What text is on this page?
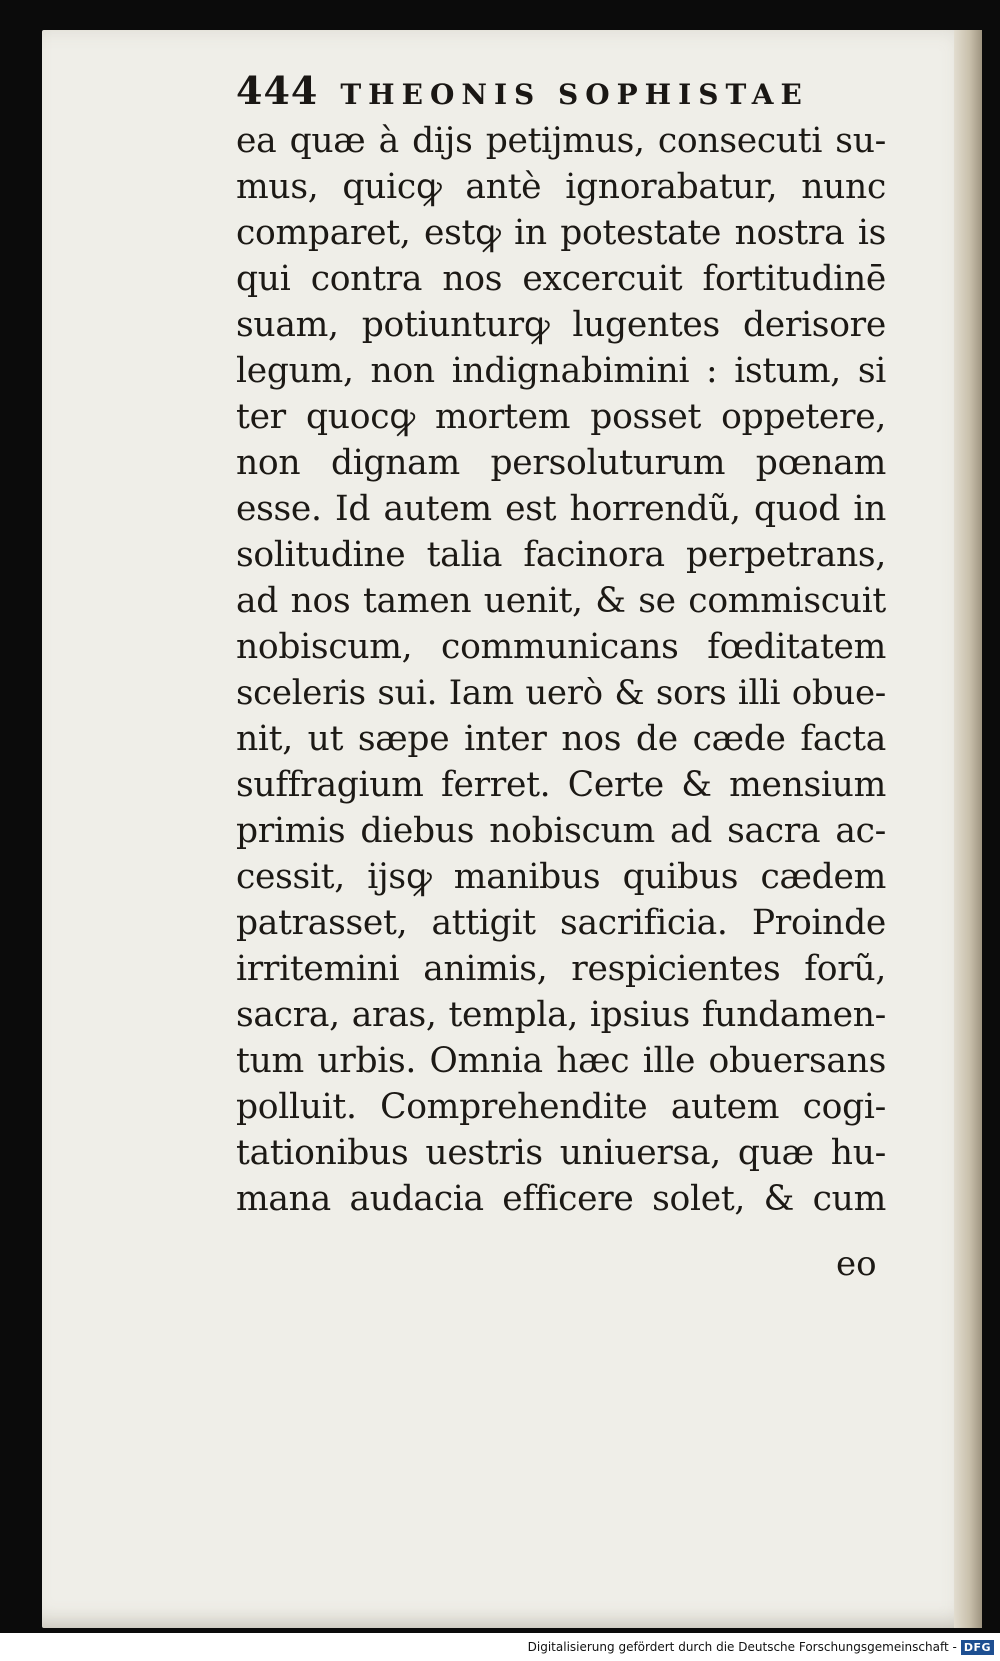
444 THEONIS SOPHISTAE
ea quæ à dijs petijmus, consecuti su-
mus, quicꝙ antè ignorabatur, nunc
comparet, estꝙ in potestate nostra is
qui contra nos excercuit fortitudinē
suam, potiunturꝙ lugentes derisore
legum, non indignabimini : istum, si
ter quocꝙ mortem posset oppetere,
non dignam persoluturum pœnam
esse. Id autem est horrendũ, quod in
solitudine talia facinora perpetrans,
ad nos tamen uenit, & se commiscuit
nobiscum, communicans fœditatem
sceleris sui. Iam uerò & sors illi obue-
nit, ut sæpe inter nos de cæde facta
suffragium ferret. Certe & mensium
primis diebus nobiscum ad sacra ac-
cessit, ijsꝙ manibus quibus cædem
patrasset, attigit sacrificia. Proinde
irritemini animis, respicientes forũ,
sacra, aras, templa, ipsius fundamen-
tum urbis. Omnia hæc ille obuersans
polluit. Comprehendite autem cogi-
tationibus uestris uniuersa, quæ hu-
mana audacia efficere solet, & cum
eo
Digitalisierung gefördert durch die Deutsche Forschungsgemeinschaft - DFG
